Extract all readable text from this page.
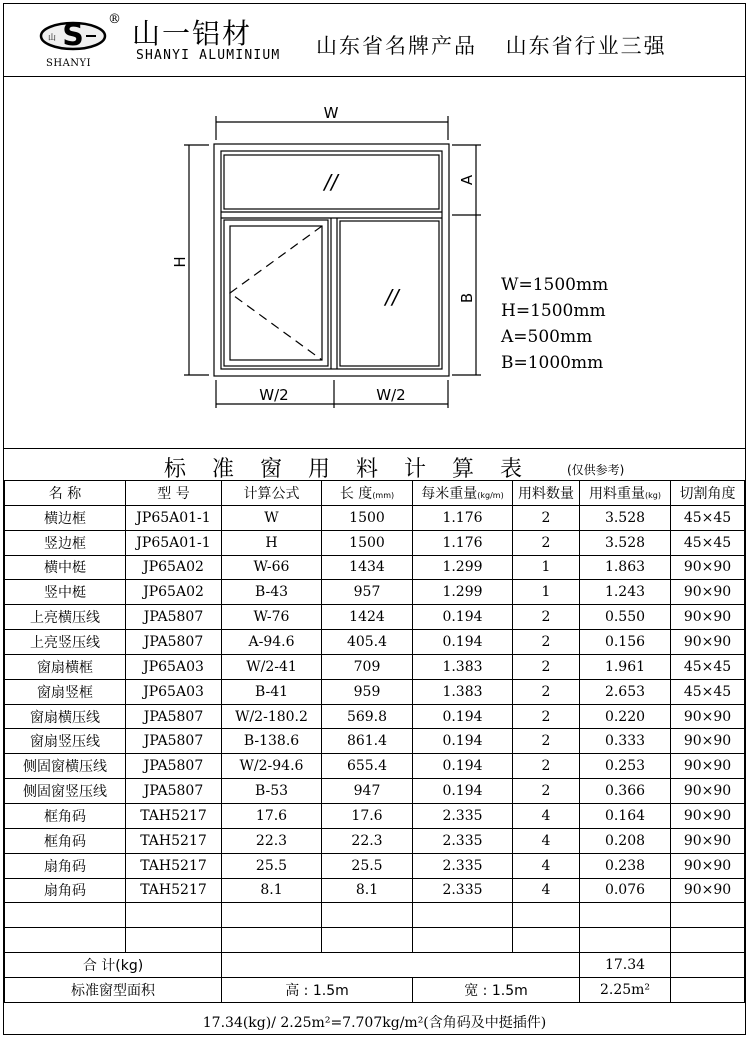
S
山
SHANYI
® 山一铝材
SHANYI ALUMINIUM 山东省名牌产品 山东省行业三强
W
H
A
B
W/2	W/2
//
//	W=1500mm
H=1500mm
A=500mm
B=1000mm
标准窗用料计算表 (仅供参考)
名 称	型 号	计算公式	长 度(mm)	每米重量(kg/m)	用料数量	用料重量(kg)	切割角度
横边框	JP65A01-1	W	1500	1.176	2	3.528	45×45
竖边框	JP65A01-1	H	1500	1.176	2	3.528	45×45
横中梃	JP65A02	W-66	1434	1.299	1	1.863	90×90
竖中梃	JP65A02	B-43	957	1.299	1	1.243	90×90
上亮横压线	JPA5807	W-76	1424	0.194	2	0.550	90×90
上亮竖压线	JPA5807	A-94.6	405.4	0.194	2	0.156	90×90
窗扇横框	JP65A03	W/2-41	709	1.383	2	1.961	45×45
窗扇竖框	JP65A03	B-41	959	1.383	2	2.653	45×45
窗扇横压线	JPA5807	W/2-180.2	569.8	0.194	2	0.220	90×90
窗扇竖压线	JPA5807	B-138.6	861.4	0.194	2	0.333	90×90
侧固窗横压线	JPA5807	W/2-94.6	655.4	0.194	2	0.253	90×90
侧固窗竖压线	JPA5807	B-53	947	0.194	2	0.366	90×90
框角码	TAH5217	17.6	17.6	2.335	4	0.164	90×90
框角码	TAH5217	22.3	22.3	2.335	4	0.208	90×90
扇角码	TAH5217	25.5	25.5	2.335	4	0.238	90×90
扇角码	TAH5217	8.1	8.1	2.335	4	0.076	90×90

合 计(kg)						17.34	
标准窗型面积		高 : 1.5m		宽 : 1.5m		2.25m²	
17.34(kg)/ 2.25m²=7.707kg/m²(含角码及中挺插件)
